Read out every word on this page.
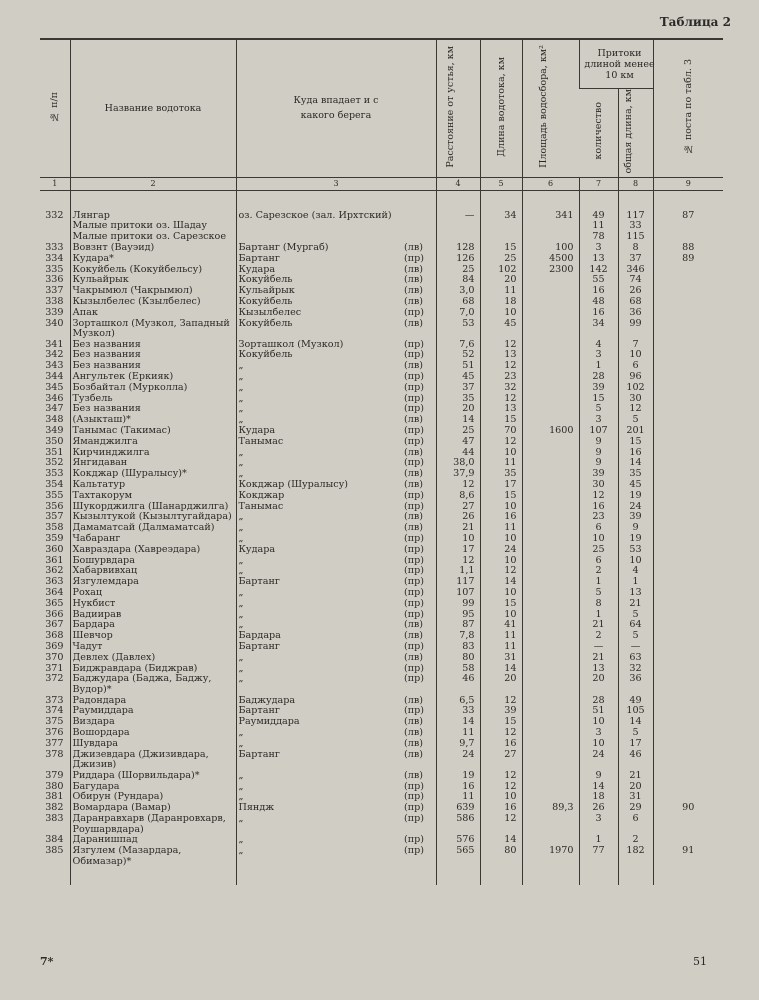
Таблица 2
№ п/п	Название водотока	Куда впадает и с какого берега		Расстояние от устья, км	Длина водотока, км	Площадь водосбора, км²	Притоки длиной менее 10 км		№ поста по табл. 3
							количество	общая длина, км	
1	2	3		4	5	6	7	8	9

332	Лянгар	оз. Сарезское (зал. Ирхтский)		—	34	341	49	117	87
	Малые притоки оз. Шадау						11	33	
	Малые притоки оз. Сарезское						78	115	
333	Вовзнт (Вауэид)	Бартанг (Мургаб)	(лв)	128	15	100	3	8	88
334	Кудара*	Бартанг	(пр)	126	25	4500	13	37	89
335	Кокуйбель (Кокуйбельсу)	Кудара	(лв)	25	102	2300	142	346	
336	Кульайрык	Кокуйбель	(лв)	84	20		55	74	
337	Чакрымюл (Чакрымюл)	Кульайрык	(лв)	3,0	11		16	26	
338	Кызылбелес (Кзылбелес)	Кокуйбель	(лв)	68	18		48	68	
339	Апак	Кызылбелес	(пр)	7,0	10		16	36	
340	Зорташкол (Музкол, Западный Музкол)	Кокуйбель	(лв)	53	45		34	99	
341	Без названия	Зорташкол (Музкол)	(пр)	7,6	12		4	7	
342	Без названия	Кокуйбель	(пр)	52	13		3	10	
343	Без названия	„	(лв)	51	12		1	6	
344	Ангультек (Еркияк)	„	(пр)	45	23		28	96	
345	Бозбайтал (Мурколла)	„	(пр)	37	32		39	102	
346	Тузбель	„	(пр)	35	12		15	30	
347	Без названия	„	(пр)	20	13		5	12	
348	(Азыкташ)*	„	(лв)	14	15		3	5	
349	Танымас (Такимас)	Кудара	(пр)	25	70	1600	107	201	
350	Яманджилга	Танымас	(пр)	47	12		9	15	
351	Кирчинджилга	„	(лв)	44	10		9	16	
352	Янгидаван	„	(пр)	38,0	11		9	14	
353	Кокджар (Шуралысу)*	„	(лв)	37,9	35		39	35	
354	Кальтатур	Кокджар (Шуралысу)	(лв)	12	17		30	45	
355	Тахтакорум	Кокджар	(пр)	8,6	15		12	19	
356	Шукорджилга (Шанарджилга)	Танымас	(пр)	27	10		16	24	
357	Кызылтукой (Кызылтугайдара)	„	(лв)	26	16		23	39	
358	Дамаматсай (Далмаматсай)	„	(лв)	21	11		6	9	
359	Чабаранг	„	(пр)	10	10		10	19	
360	Хавраздара (Хавреэдара)	Кудара	(пр)	17	24		25	53	
361	Бошурвдара	„	(пр)	12	10		6	10	
362	Хабарвивхац	„	(пр)	1,1	12		2	4	
363	Язгулемдара	Бартанг	(пр)	117	14		1	1	
364	Рохац	„	(пр)	107	10		5	13	
365	Нукбист	„	(пр)	99	15		8	21	
366	Вадиирав	„	(пр)	95	10		1	5	
367	Бардара	„	(лв)	87	41		21	64	
368	Шевчор	Бардара	(лв)	7,8	11		2	5	
369	Чадут	Бартанг	(пр)	83	11		—	—	
370	Девлех (Давлех)	„	(лв)	80	31		21	63	
371	Биджравдара (Биджрав)	„	(пр)	58	14		13	32	
372	Баджудара (Баджа, Баджу, Вудор)*	„	(пр)	46	20		20	36	
373	Радондара	Баджудара	(лв)	6,5	12		28	49	
374	Раумиддара	Бартанг	(пр)	33	39		51	105	
375	Виздара	Раумиддара	(лв)	14	15		10	14	
376	Вошордара	„	(лв)	11	12		3	5	
377	Шувдара	„	(лв)	9,7	16		10	17	
378	Джизевдара (Джизивдара, Джизив)	Бартанг	(лв)	24	27		24	46	
379	Риддара (Шорвильдара)*	„	(лв)	19	12		9	21	
380	Багудара	„	(пр)	16	12		14	20	
381	Обирун (Рундара)	„	(пр)	11	10		18	31	
382	Вомардара (Вамар)	Пяндж	(пр)	639	16	89,3	26	29	90
383	Даранравхарв (Даранровхарв, Роушарвдара)	„	(пр)	586	12		3	6	
384	Даранишпад	„	(пр)	576	14		1	2	
385	Язгулем (Мазардара, Обимазар)*	„	(пр)	565	80	1970	77	182	91

7*	51
